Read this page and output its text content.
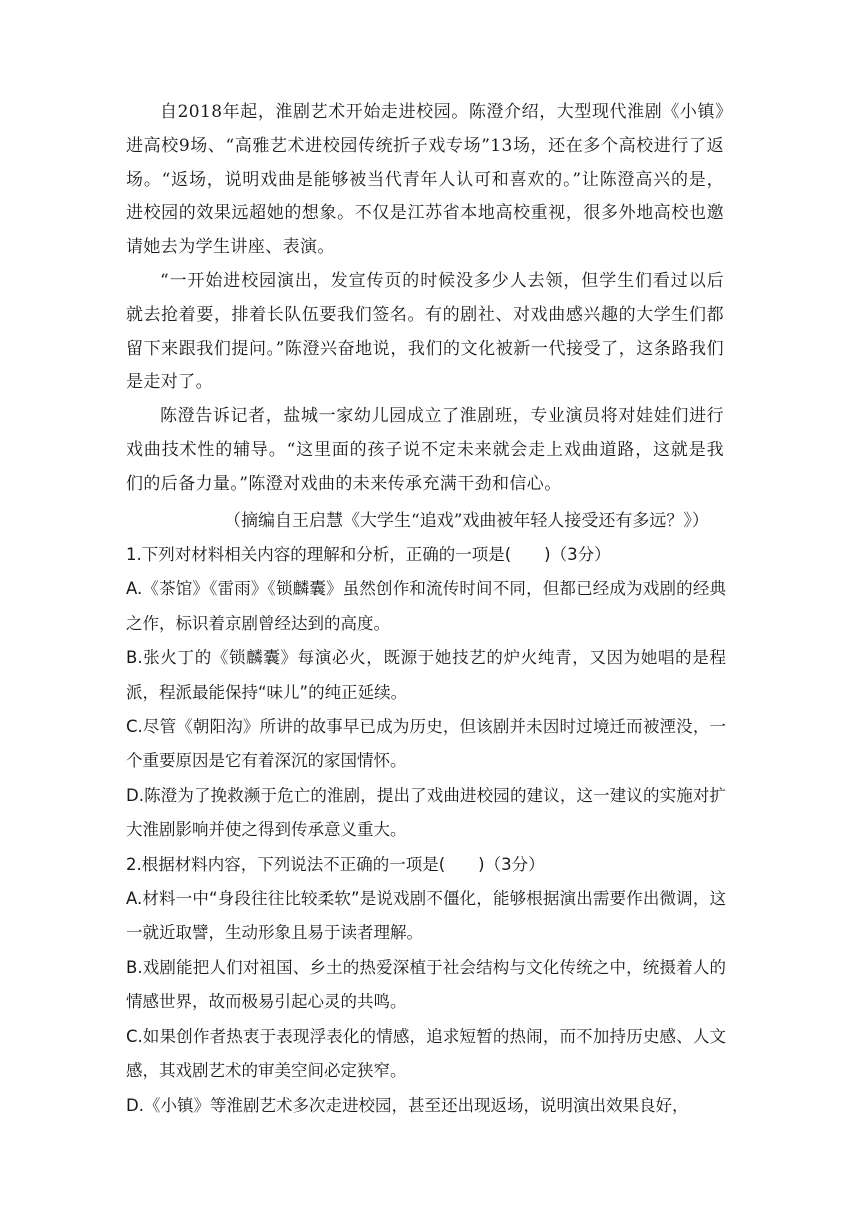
自2018年起，淮剧艺术开始走进校园。陈澄介绍，大型现代淮剧《小镇》进高校9场、“高雅艺术进校园传统折子戏专场”13场，还在多个高校进行了返场。“返场，说明戏曲是能够被当代青年人认可和喜欢的。”让陈澄高兴的是，进校园的效果远超她的想象。不仅是江苏省本地高校重视，很多外地高校也邀请她去为学生讲座、表演。

“一开始进校园演出，发宣传页的时候没多少人去领，但学生们看过以后就去抢着要，排着长队伍要我们签名。有的剧社、对戏曲感兴趣的大学生们都留下来跟我们提问。”陈澄兴奋地说，我们的文化被新一代接受了，这条路我们是走对了。

陈澄告诉记者，盐城一家幼儿园成立了淮剧班，专业演员将对娃娃们进行戏曲技术性的辅导。“这里面的孩子说不定未来就会走上戏曲道路，这就是我们的后备力量。”陈澄对戏曲的未来传承充满干劲和信心。

（摘编自王启慧《大学生“追戏”戏曲被年轻人接受还有多远？》）

1.下列对材料相关内容的理解和分析，正确的一项是(　　)（3分）

A.《茶馆》《雷雨》《锁麟囊》虽然创作和流传时间不同，但都已经成为戏剧的经典之作，标识着京剧曾经达到的高度。

B.张火丁的《锁麟囊》每演必火，既源于她技艺的炉火纯青，又因为她唱的是程派，程派最能保持“味儿”的纯正延续。

C.尽管《朝阳沟》所讲的故事早已成为历史，但该剧并未因时过境迁而被湮没，一个重要原因是它有着深沉的家国情怀。

D.陈澄为了挽救濒于危亡的淮剧，提出了戏曲进校园的建议，这一建议的实施对扩大淮剧影响并使之得到传承意义重大。

2.根据材料内容，下列说法不正确的一项是(　　)（3分）

A.材料一中“身段往往比较柔软”是说戏剧不僵化，能够根据演出需要作出微调，这一就近取譬，生动形象且易于读者理解。

B.戏剧能把人们对祖国、乡土的热爱深植于社会结构与文化传统之中，统摄着人的情感世界，故而极易引起心灵的共鸣。

C.如果创作者热衷于表现浮表化的情感，追求短暂的热闹，而不加持历史感、人文感，其戏剧艺术的审美空间必定狭窄。

D.《小镇》等淮剧艺术多次走进校园，甚至还出现返场，说明演出效果良好，
